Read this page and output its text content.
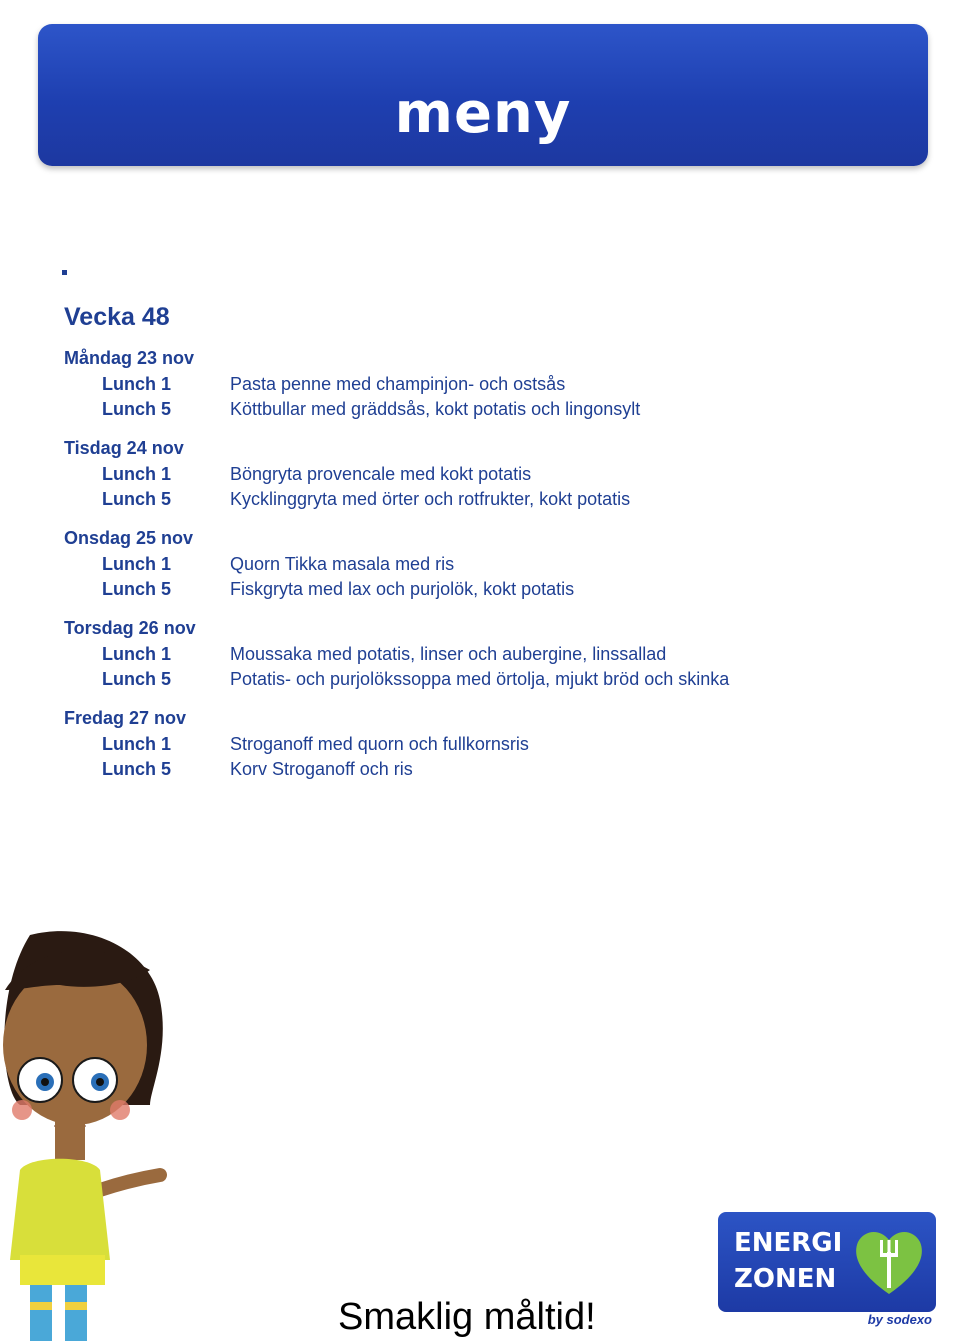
meny
Vecka 48
Måndag 23 nov
Lunch 1	Pasta penne med champinjon- och ostsås
Lunch 5	Köttbullar med gräddsås, kokt potatis och lingonsylt
Tisdag 24 nov
Lunch 1	Böngryta provencale med kokt potatis
Lunch 5	Kycklinggryta med örter och rotfrukter, kokt potatis
Onsdag 25 nov
Lunch 1	Quorn Tikka masala med ris
Lunch 5	Fiskgryta med lax och purjolök, kokt potatis
Torsdag 26 nov
Lunch 1	Moussaka med potatis, linser och aubergine, linssallad
Lunch 5	Potatis- och purjolökssoppa med örtolja, mjukt bröd och skinka
Fredag 27 nov
Lunch 1	Stroganoff med quorn och fullkornsris
Lunch 5	Korv Stroganoff och ris
ENERGI
ZONEN
by sodexo
Smaklig måltid!
